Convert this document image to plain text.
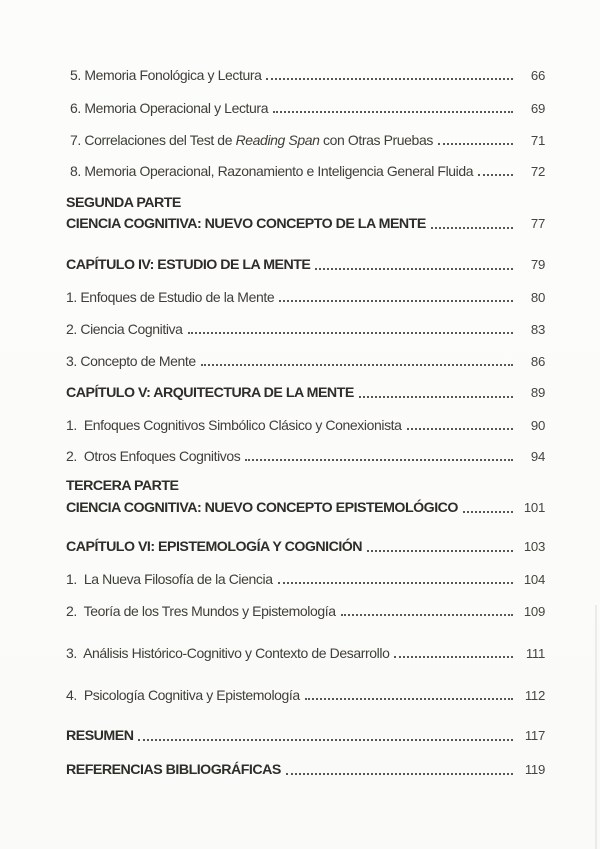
5. Memoria Fonológica y Lectura	66
6. Memoria Operacional y Lectura	69
7. Correlaciones del Test de Reading Span con Otras Pruebas	71
8. Memoria Operacional, Razonamiento e Inteligencia General Fluida	72
SEGUNDA PARTE
CIENCIA COGNITIVA: NUEVO CONCEPTO DE LA MENTE	77
CAPÍTULO IV: ESTUDIO DE LA MENTE	79
1. Enfoques de Estudio de la Mente	80
2. Ciencia Cognitiva	83
3. Concepto de Mente	86
CAPÍTULO V: ARQUITECTURA DE LA MENTE	89
1.  Enfoques Cognitivos Simbólico Clásico y Conexionista	90
2.  Otros Enfoques Cognitivos	94
TERCERA PARTE
CIENCIA COGNITIVA: NUEVO CONCEPTO EPISTEMOLÓGICO	101
CAPÍTULO VI: EPISTEMOLOGÍA Y COGNICIÓN	103
1.  La Nueva Filosofía de la Ciencia	104
2.  Teoría de los Tres Mundos y Epistemología	109
3.  Análisis Histórico-Cognitivo y Contexto de Desarrollo	111
4.  Psicología Cognitiva y Epistemología	112
RESUMEN	117
REFERENCIAS BIBLIOGRÁFICAS	119
